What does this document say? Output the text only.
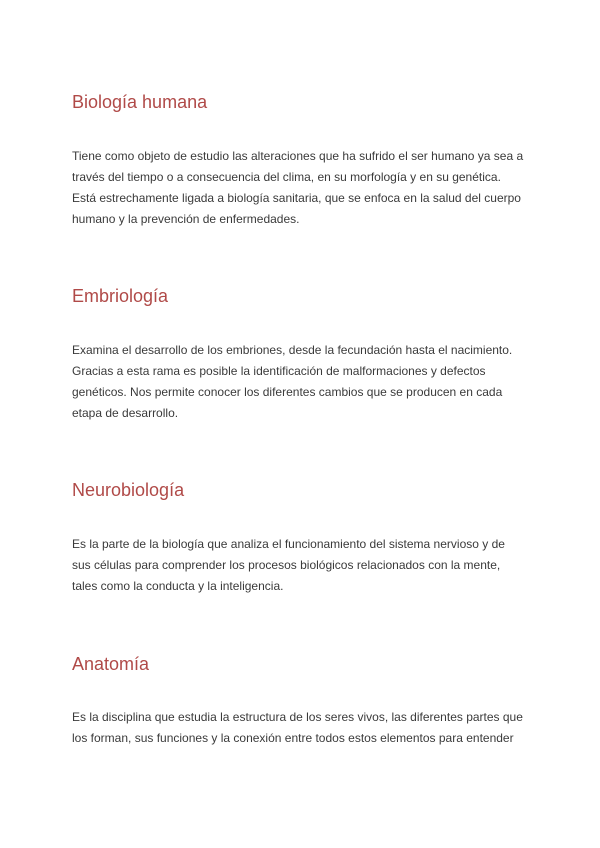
Biología humana

Tiene como objeto de estudio las alteraciones que ha sufrido el ser humano ya sea a
través del tiempo o a consecuencia del clima, en su morfología y en su genética.
Está estrechamente ligada a biología sanitaria, que se enfoca en la salud del cuerpo
humano y la prevención de enfermedades.

Embriología

Examina el desarrollo de los embriones, desde la fecundación hasta el nacimiento.
Gracias a esta rama es posible la identificación de malformaciones y defectos
genéticos. Nos permite conocer los diferentes cambios que se producen en cada
etapa de desarrollo.

Neurobiología

Es la parte de la biología que analiza el funcionamiento del sistema nervioso y de
sus células para comprender los procesos biológicos relacionados con la mente,
tales como la conducta y la inteligencia.

Anatomía

Es la disciplina que estudia la estructura de los seres vivos, las diferentes partes que
los forman, sus funciones y la conexión entre todos estos elementos para entender
